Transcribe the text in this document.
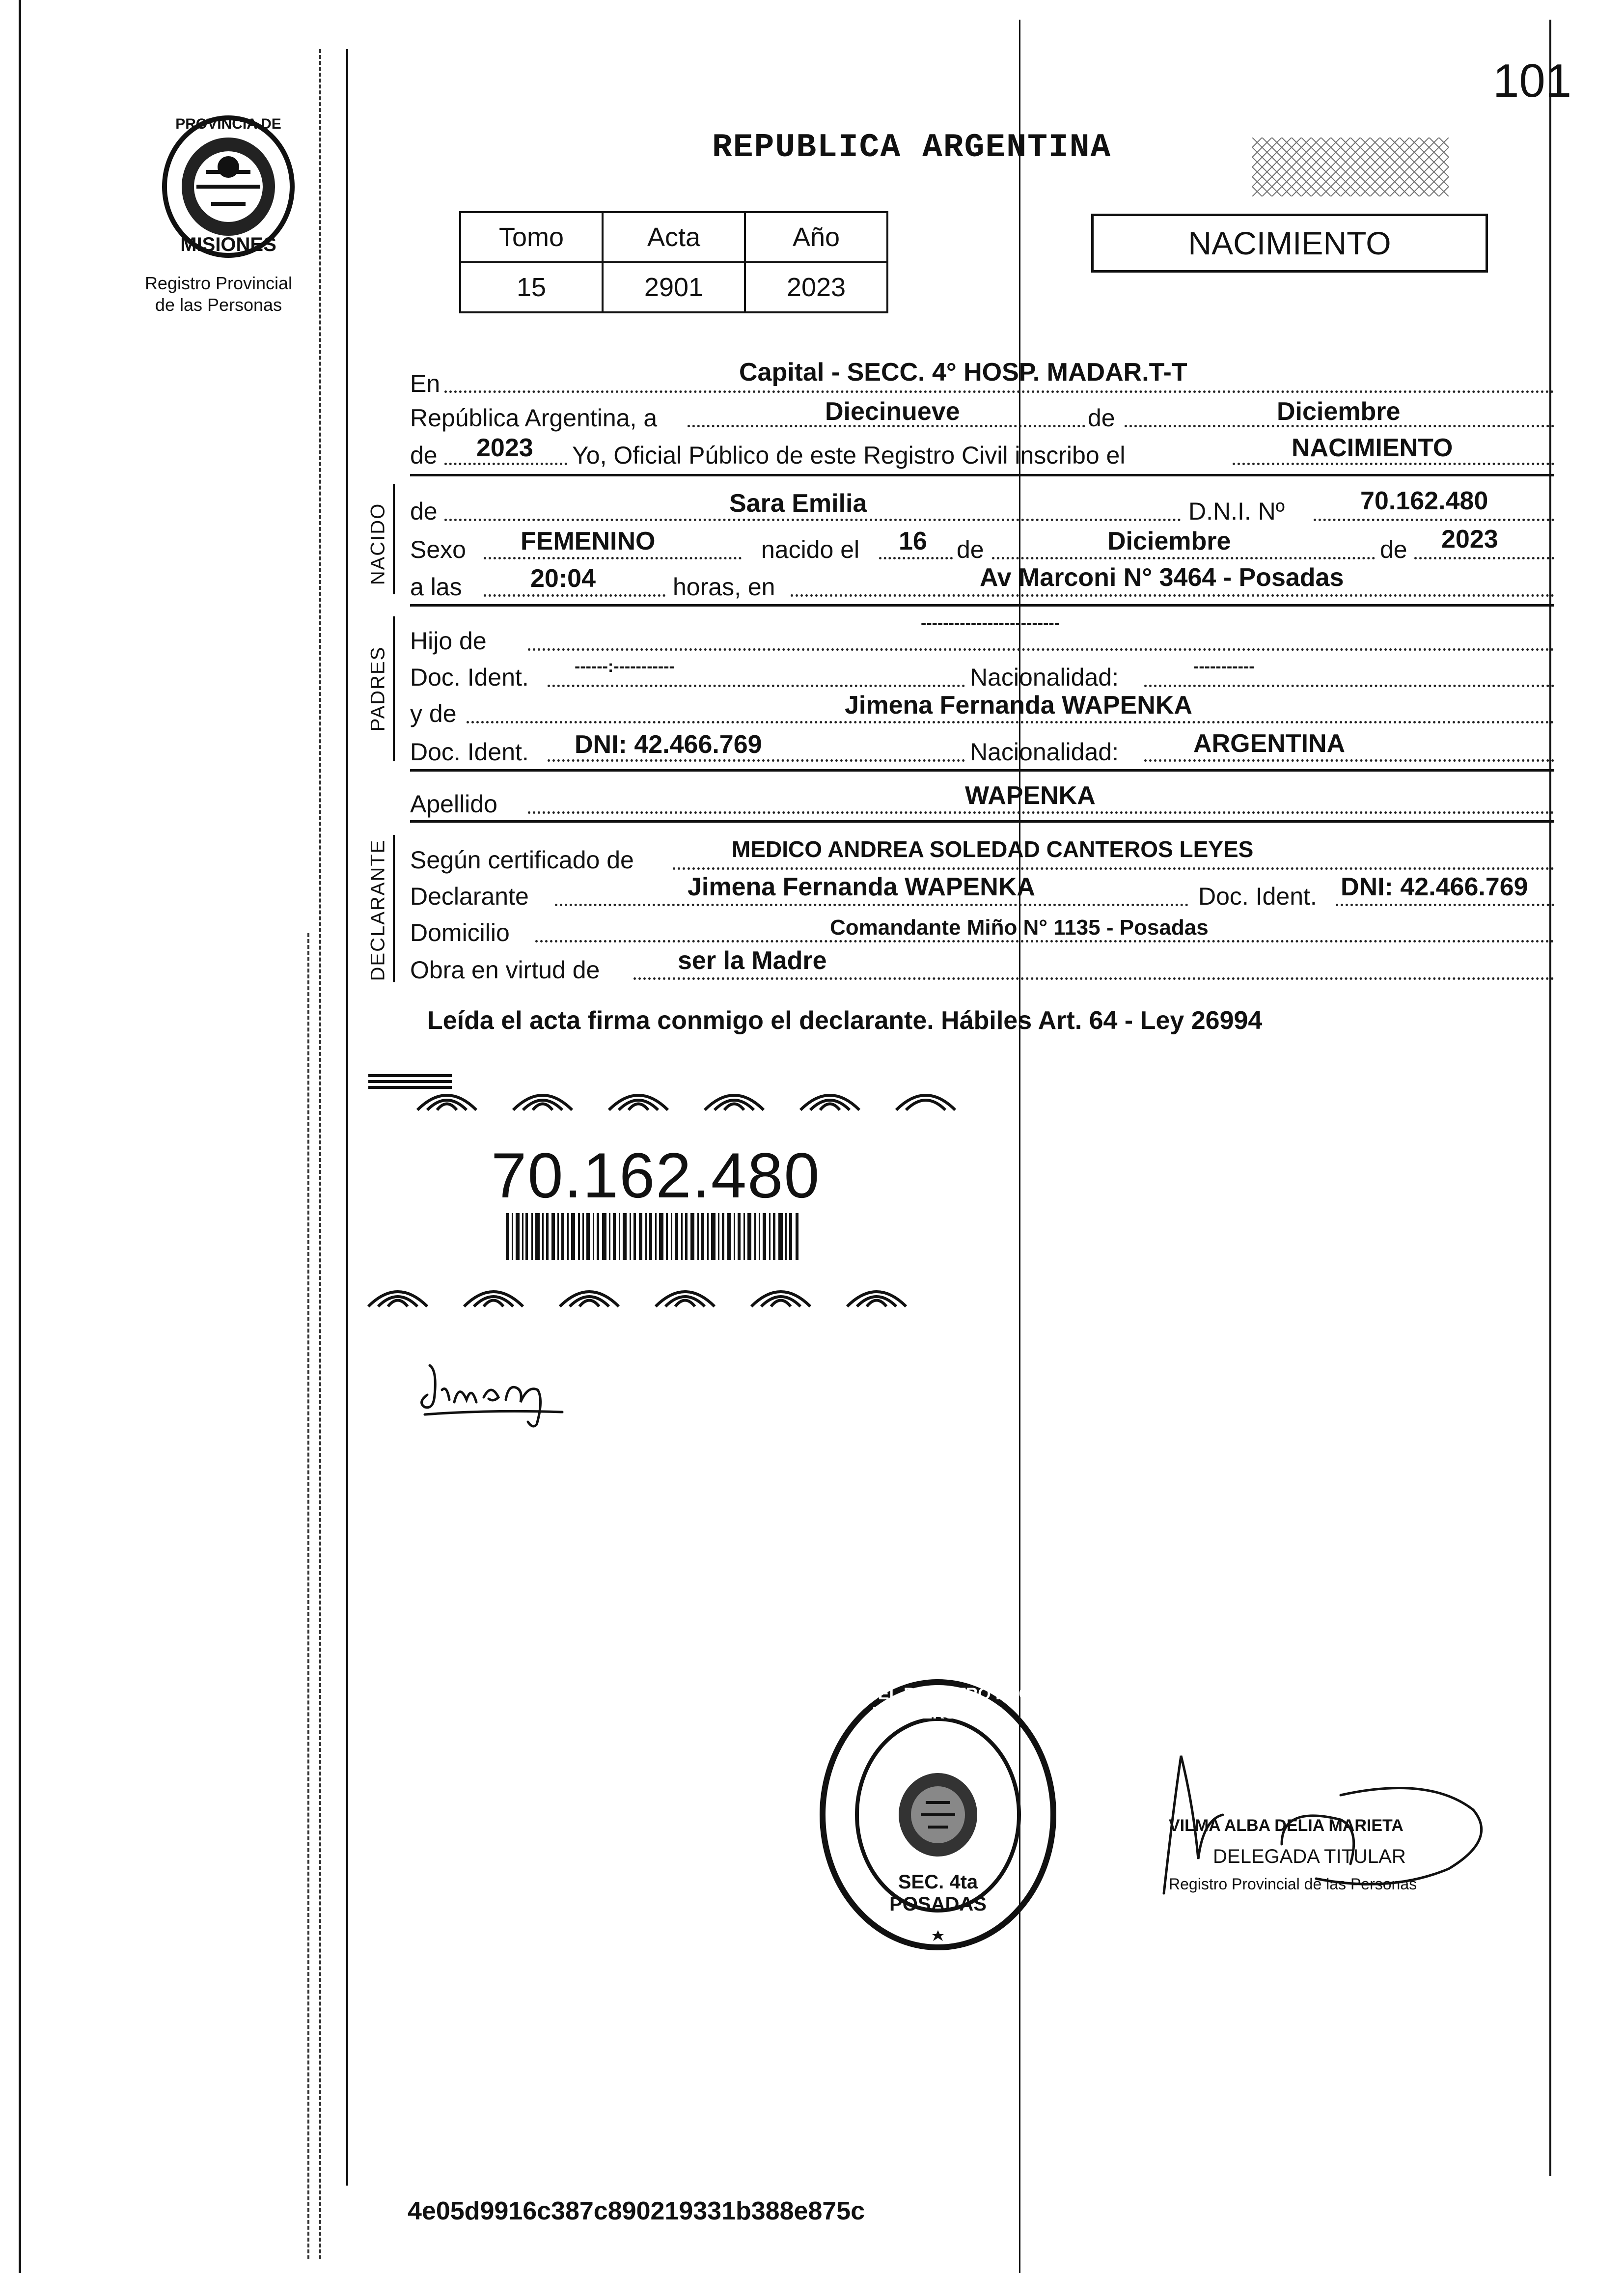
101
PROVINCIA DE
MISIONES
Registro Provincial
de las Personas
REPUBLICA ARGENTINA
NACIMIENTO
Tomo	Acta	Año
15	2901	2023
En	Capital - SECC. 4° HOSP. MADAR.T-T
República Argentina, a	Diecinueve	de	Diciembre
de 2023 Yo, Oficial Público de este Registro Civil inscribo el	NACIMIENTO
NACIDO de	Sara Emilia	D.N.I. Nº	70.162.480
Sexo FEMENINO	nacido el 16 de	Diciembre	de 2023
a las	20:04	horas, en	Av Marconi N° 3464 - Posadas
PADRES
Hijo de
-------------------------
Doc. Ident.	------:-----------	Nacionalidad:	-----------
y de	Jimena Fernanda WAPENKA
Doc. Ident. DNI: 42.466.769	Nacionalidad:	ARGENTINA
Apellido	WAPENKA
DECLARANTE Según certificado de	MEDICO ANDREA SOLEDAD CANTEROS LEYES
Declarante	Jimena Fernanda WAPENKA	Doc. Ident. DNI: 42.466.769
Domicilio	Comandante Miño N° 1135 - Posadas
Obra en virtud de	ser la Madre
Leída el acta firma conmigo el declarante. Hábiles Art. 64 - Ley 26994
70.162.480
DELEGACION DEL REGISTRO PROVINCIAL DE LAS PERSONAS
SEC. 4ta POSADAS
VILMA ALBA DELIA MARIETA
DELEGADA TITULAR
Registro Provincial de las Personas
4e05d9916c387c890219331b388e875c
